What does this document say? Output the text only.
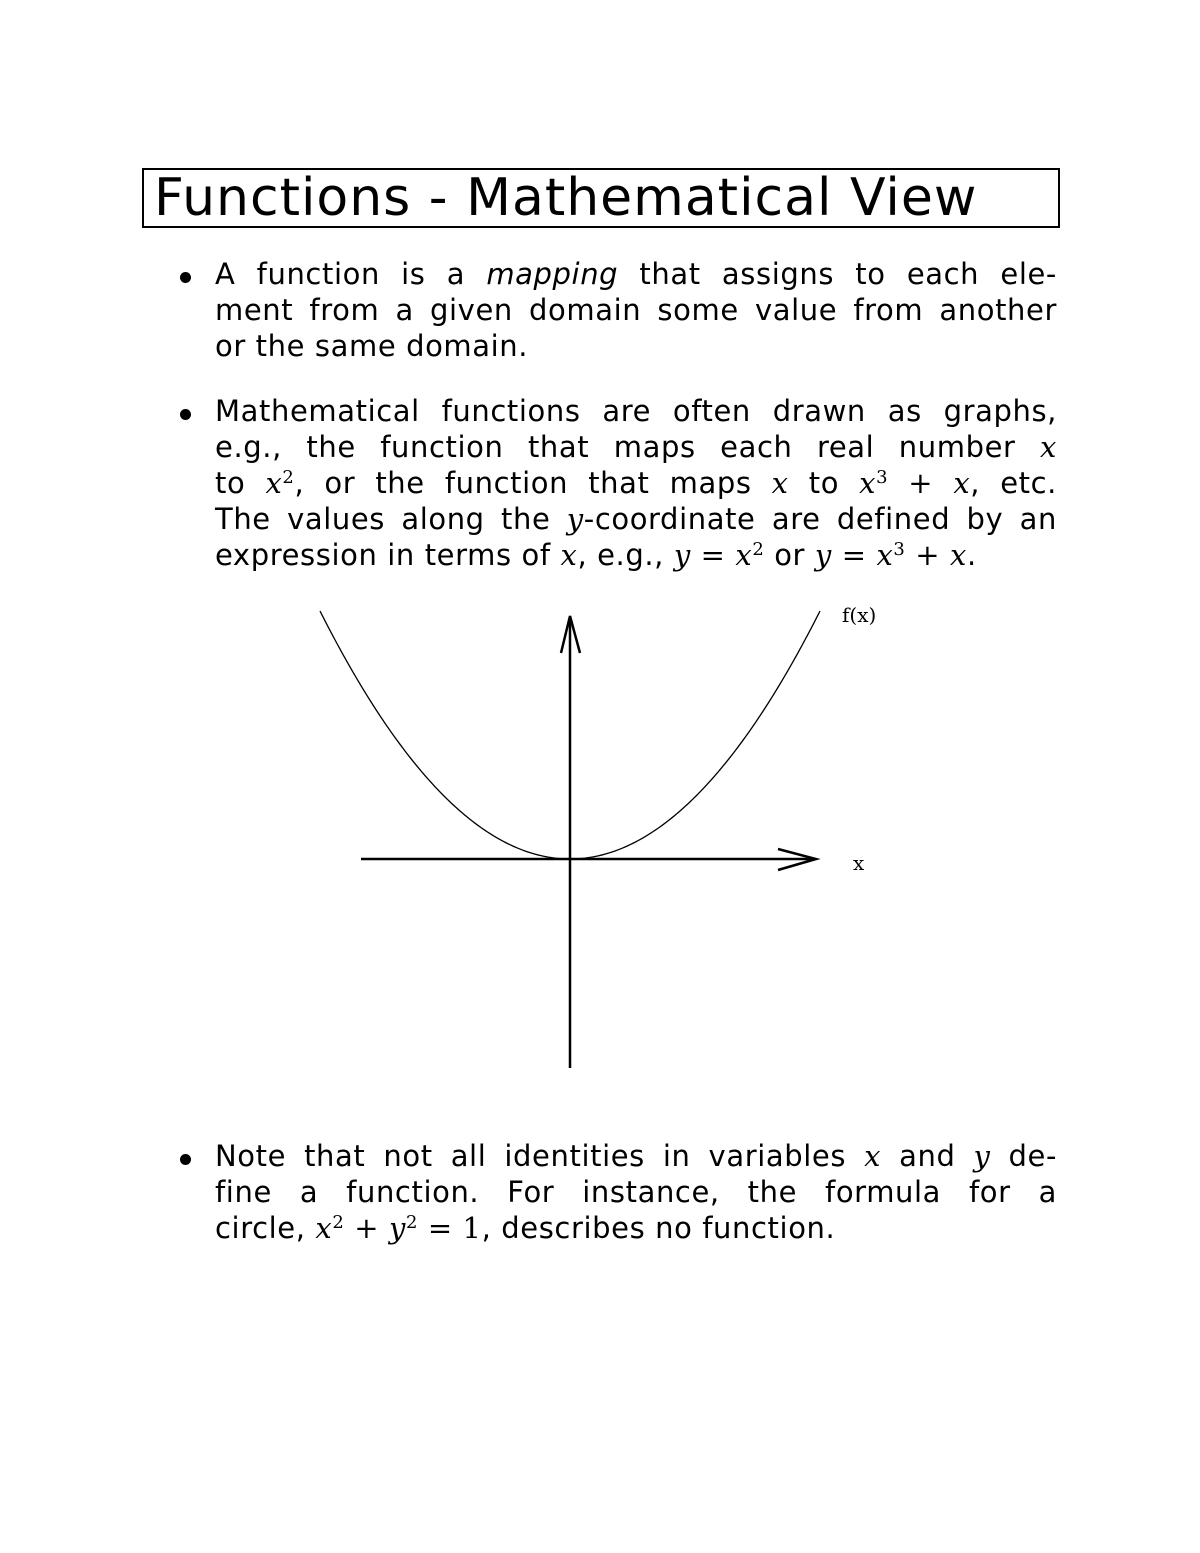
Functions - Mathematical View
A function is a mapping that assigns to each ele-
ment from a given domain some value from another
or the same domain.
Mathematical functions are often drawn as graphs,
e.g., the function that maps each real number x
to $x^2$, or the function that maps x to $x^3 + x$, etc.
The values along the y-coordinate are defined by an
expression in terms of x, e.g., $y = x^2$ or $y = x^3 + x$.
f(x)
x
Note that not all identities in variables x and y de-
fine a function. For instance, the formula for a
circle, $x^2 + y^2 = 1$, describes no function.
